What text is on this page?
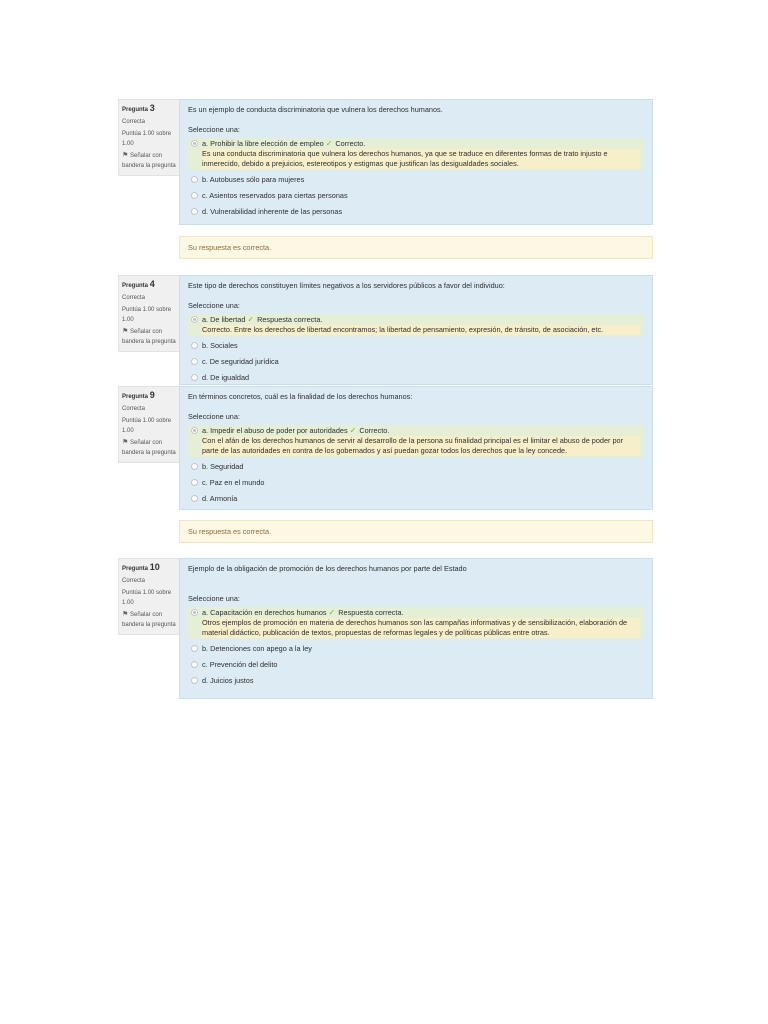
Pregunta 3
Correcta
Puntúa 1.00 sobre 1.00
⚑ Señalar con bandera la pregunta
Es un ejemplo de conducta discriminatoria que vulnera los derechos humanos.
Seleccione una:
a. Prohibir la libre elección de empleo ✓ Correcto.
Es una conducta discriminatoria que vulnera los derechos humanos, ya que se traduce en diferentes formas de trato injusto e inmerecido, debido a prejuicios, estereotipos y estigmas que justifican las desigualdades sociales.
b. Autobuses sólo para mujeres
c. Asientos reservados para ciertas personas
d. Vulnerabilidad inherente de las personas
Su respuesta es correcta.
Pregunta 4
Correcta
Puntúa 1.00 sobre 1.00
⚑ Señalar con bandera la pregunta
Este tipo de derechos constituyen límites negativos a los servidores públicos a favor del individuo:
Seleccione una:
a. De libertad ✓ Respuesta correcta.
Correcto. Entre los derechos de libertad encontramos; la libertad de pensamiento, expresión, de tránsito, de asociación, etc.
b. Sociales
c. De seguridad jurídica
d. De igualdad
Pregunta 9
Correcta
Puntúa 1.00 sobre 1.00
⚑ Señalar con bandera la pregunta
En términos concretos, cuál es la finalidad de los derechos humanos:
Seleccione una:
a. Impedir el abuso de poder por autoridades ✓ Correcto.
Con el afán de los derechos humanos de servir al desarrollo de la persona su finalidad principal es el limitar el abuso de poder por parte de las autoridades en contra de los gobernados y así puedan gozar todos los derechos que la ley concede.
b. Seguridad
c. Paz en el mundo
d. Armonía
Su respuesta es correcta.
Pregunta 10
Correcta
Puntúa 1.00 sobre 1.00
⚑ Señalar con bandera la pregunta
Ejemplo de la obligación de promoción de los derechos humanos por parte del Estado
Seleccione una:
a. Capacitación en derechos humanos ✓ Respuesta correcta.
Otros ejemplos de promoción en materia de derechos humanos son las campañas informativas y de sensibilización, elaboración de material didáctico, publicación de textos, propuestas de reformas legales y de políticas públicas entre otras.
b. Detenciones con apego a la ley
c. Prevención del delito
d. Juicios justos
